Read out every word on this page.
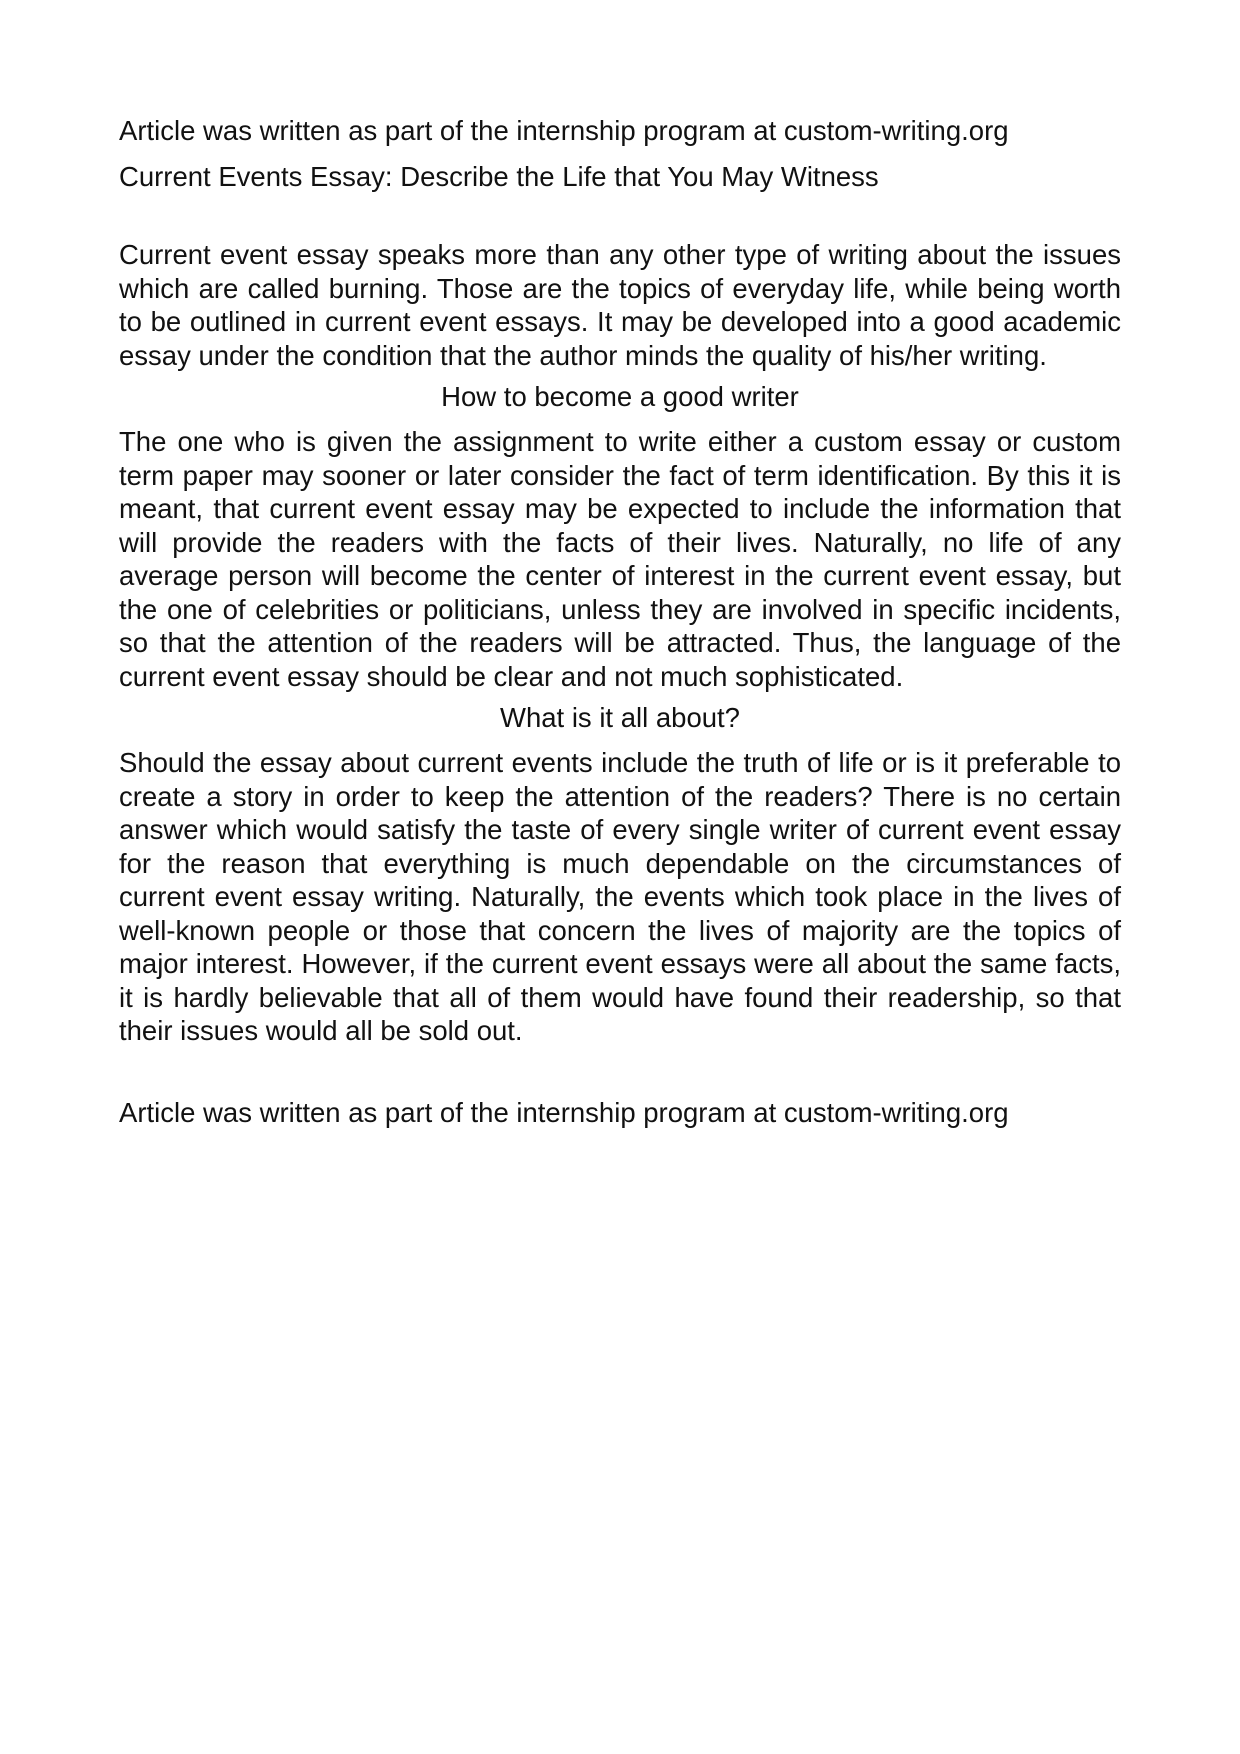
Article was written as part of the internship program at custom-writing.org

Current Events Essay: Describe the Life that You May Witness

Current event essay speaks more than any other type of writing about the issues which are called burning. Those are the topics of everyday life, while being worth to be outlined in current event essays. It may be developed into a good academic essay under the condition that the author minds the quality of his/her writing.

How to become a good writer

The one who is given the assignment to write either a custom essay or custom term paper may sooner or later consider the fact of term identification. By this it is meant, that current event essay may be expected to include the information that will provide the readers with the facts of their lives. Naturally, no life of any average person will become the center of interest in the current event essay, but the one of celebrities or politicians, unless they are involved in specific incidents, so that the attention of the readers will be attracted. Thus, the language of the current event essay should be clear and not much sophisticated.

What is it all about?

Should the essay about current events include the truth of life or is it preferable to create a story in order to keep the attention of the readers? There is no certain answer which would satisfy the taste of every single writer of current event essay for the reason that everything is much dependable on the circumstances of current event essay writing. Naturally, the events which took place in the lives of well-known people or those that concern the lives of majority are the topics of major interest. However, if the current event essays were all about the same facts, it is hardly believable that all of them would have found their readership, so that their issues would all be sold out.

Article was written as part of the internship program at custom-writing.org
